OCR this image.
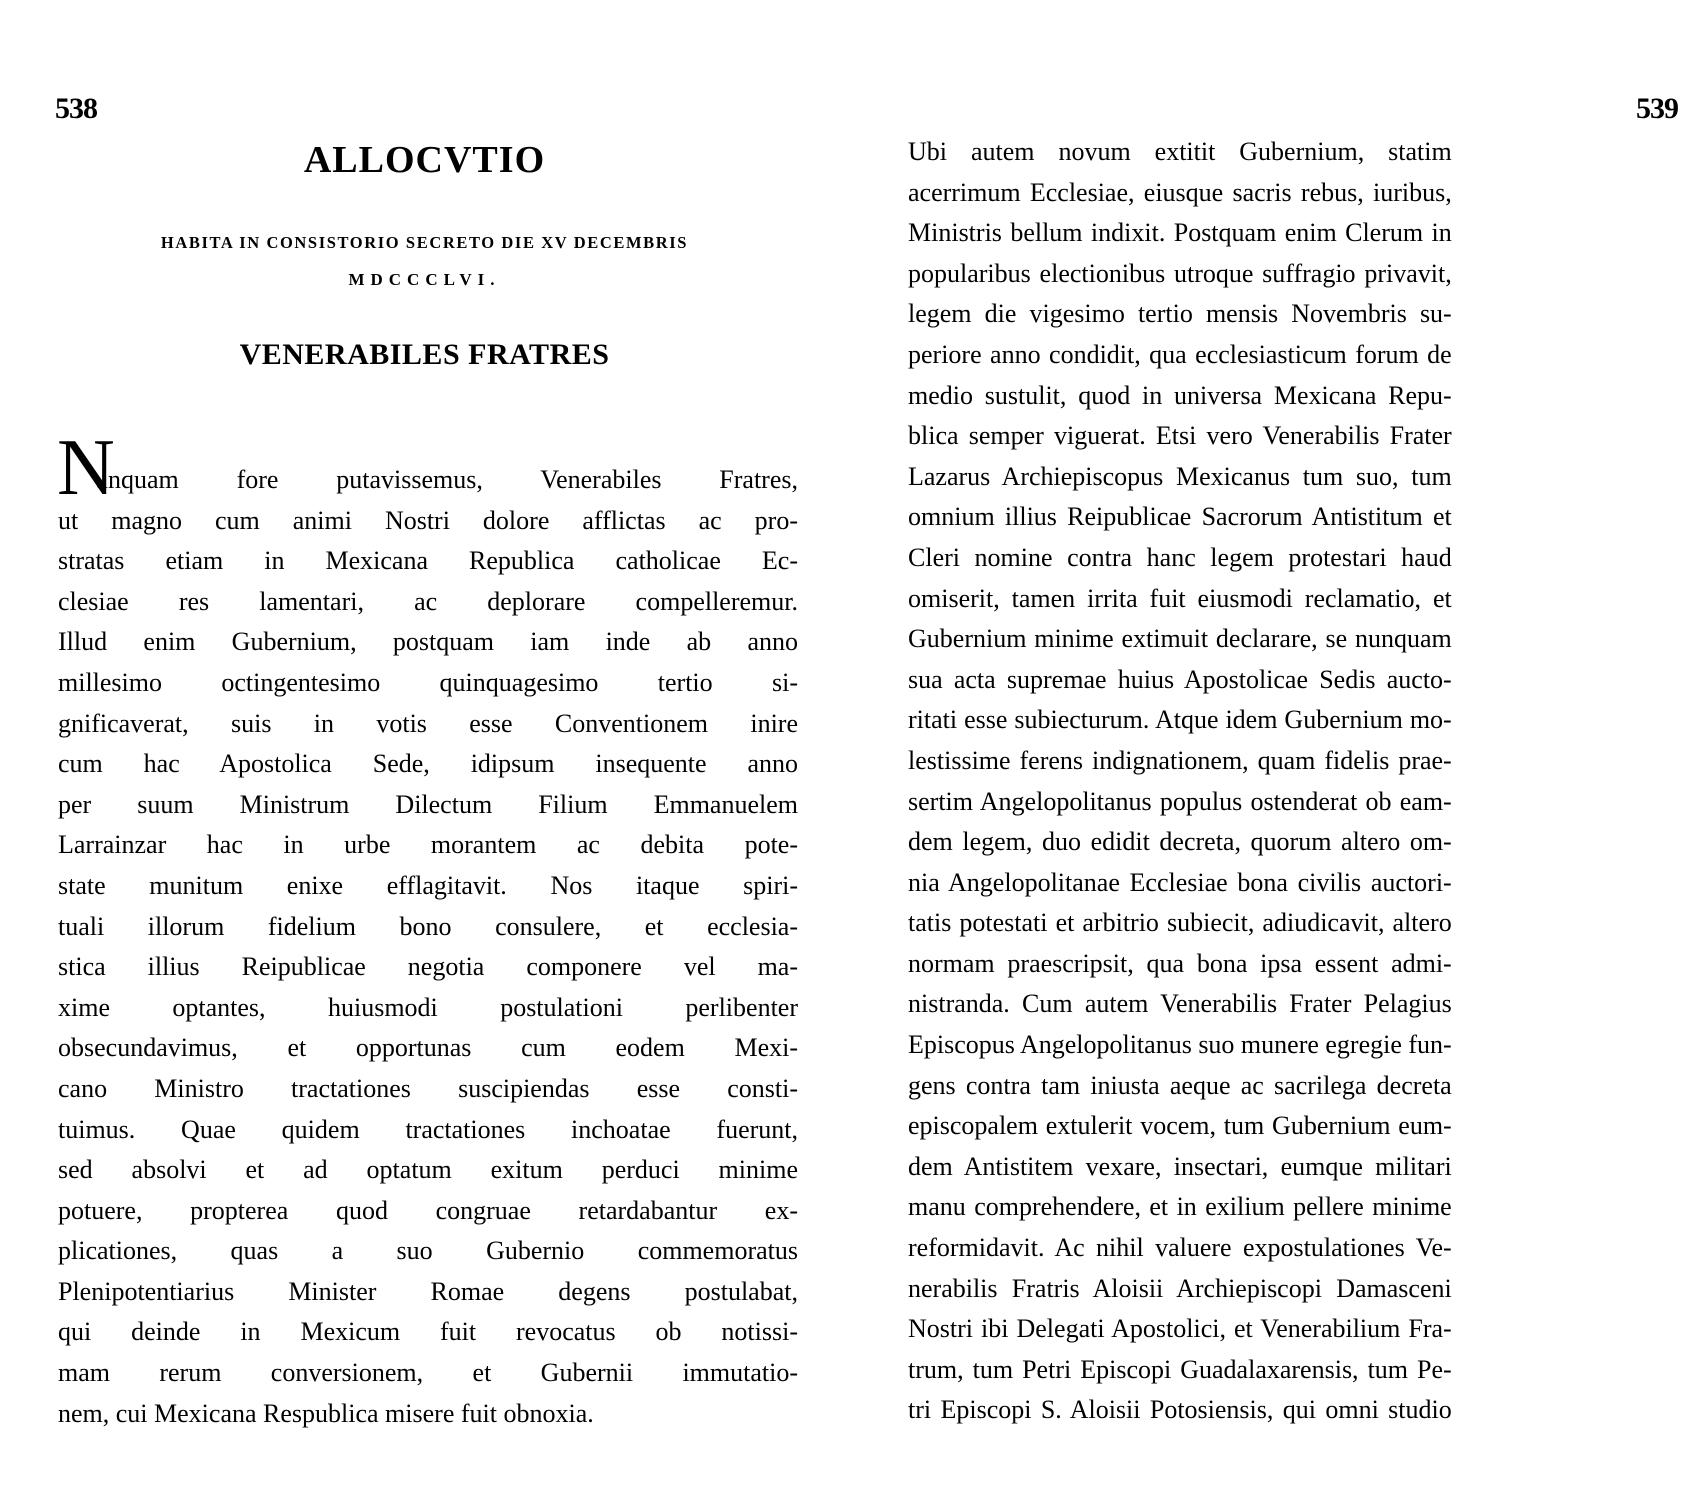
538
ALLOCVTIO
HABITA IN CONSISTORIO SECRETO DIE XV DECEMBRIS
MDCCCLVI.
VENERABILES FRATRES
N
unquam fore putavissemus, Venerabiles Fratres,
ut magno cum animi Nostri dolore afflictas ac pro-
stratas etiam in Mexicana Republica catholicae Ec-
clesiae res lamentari, ac deplorare compelleremur.
Illud enim Gubernium, postquam iam inde ab anno
millesimo octingentesimo quinquagesimo tertio si-
gnificaverat, suis in votis esse Conventionem inire
cum hac Apostolica Sede, idipsum insequente anno
per suum Ministrum Dilectum Filium Emmanuelem
Larrainzar hac in urbe morantem ac debita pote-
state munitum enixe efflagitavit. Nos itaque spiri-
tuali illorum fidelium bono consulere, et ecclesia-
stica illius Reipublicae negotia componere vel ma-
xime optantes, huiusmodi postulationi perlibenter
obsecundavimus, et opportunas cum eodem Mexi-
cano Ministro tractationes suscipiendas esse consti-
tuimus. Quae quidem tractationes inchoatae fuerunt,
sed absolvi et ad optatum exitum perduci minime
potuere, propterea quod congruae retardabantur ex-
plicationes, quas a suo Gubernio commemoratus
Plenipotentiarius Minister Romae degens postulabat,
qui deinde in Mexicum fuit revocatus ob notissi-
mam rerum conversionem, et Gubernii immutatio-
nem, cui Mexicana Respublica misere fuit obnoxia.
539
Ubi autem novum extitit Gubernium, statim
acerrimum Ecclesiae, eiusque sacris rebus, iuribus,
Ministris bellum indixit. Postquam enim Clerum in
popularibus electionibus utroque suffragio privavit,
legem die vigesimo tertio mensis Novembris su-
periore anno condidit, qua ecclesiasticum forum de
medio sustulit, quod in universa Mexicana Repu-
blica semper viguerat. Etsi vero Venerabilis Frater
Lazarus Archiepiscopus Mexicanus tum suo, tum
omnium illius Reipublicae Sacrorum Antistitum et
Cleri nomine contra hanc legem protestari haud
omiserit, tamen irrita fuit eiusmodi reclamatio, et
Gubernium minime extimuit declarare, se nunquam
sua acta supremae huius Apostolicae Sedis aucto-
ritati esse subiecturum. Atque idem Gubernium mo-
lestissime ferens indignationem, quam fidelis prae-
sertim Angelopolitanus populus ostenderat ob eam-
dem legem, duo edidit decreta, quorum altero om-
nia Angelopolitanae Ecclesiae bona civilis auctori-
tatis potestati et arbitrio subiecit, adiudicavit, altero
normam praescripsit, qua bona ipsa essent admi-
nistranda. Cum autem Venerabilis Frater Pelagius
Episcopus Angelopolitanus suo munere egregie fun-
gens contra tam iniusta aeque ac sacrilega decreta
episcopalem extulerit vocem, tum Gubernium eum-
dem Antistitem vexare, insectari, eumque militari
manu comprehendere, et in exilium pellere minime
reformidavit. Ac nihil valuere expostulationes Ve-
nerabilis Fratris Aloisii Archiepiscopi Damasceni
Nostri ibi Delegati Apostolici, et Venerabilium Fra-
trum, tum Petri Episcopi Guadalaxarensis, tum Pe-
tri Episcopi S. Aloisii Potosiensis, qui omni studio
